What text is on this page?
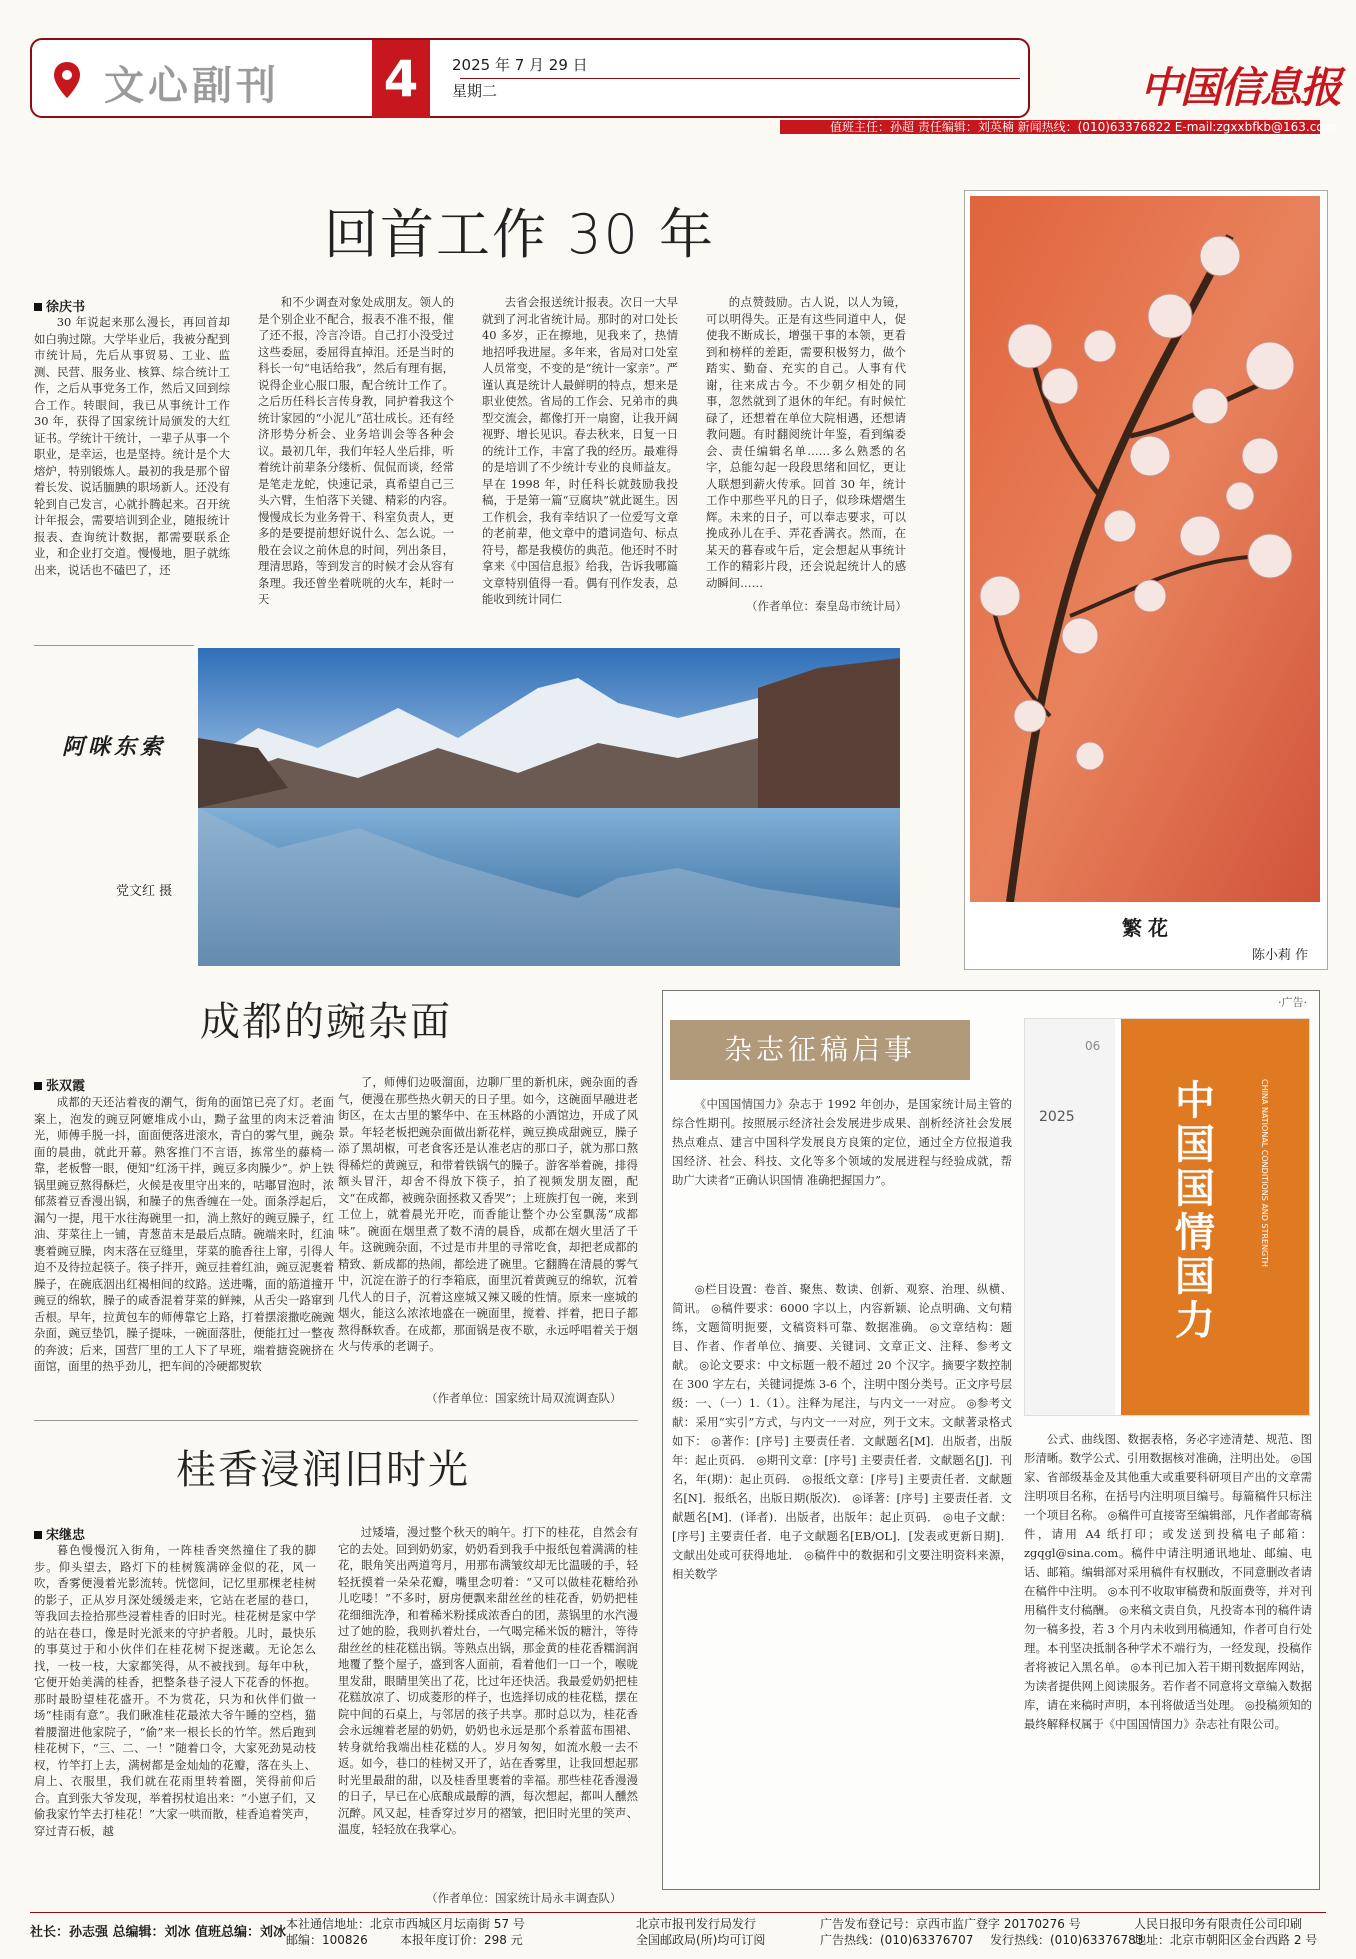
文心副刊 4	2025 年 7 月 29 日
星期二	中国信息报
值班主任：孙超 责任编辑：刘英楠 新闻热线：(010)63376822 E-mail:zgxxbfkb@163.com
回首工作 30 年
徐庆书

30 年说起来那么漫长，再回首却如白驹过隙。大学毕业后，我被分配到市统计局，先后从事贸易、工业、监测、民营、服务业、核算、综合统计工作，之后从事党务工作，然后又回到综合工作。转眼间，我已从事统计工作 30 年，获得了国家统计局颁发的大红证书。学统计干统计，一辈子从事一个职业，是幸运，也是坚持。统计是个大熔炉，特别锻炼人。最初的我是那个留着长发、说话腼腆的职场新人。还没有轮到自己发言，心就扑腾起来。召开统计年报会，需要培训到企业，随报统计报表、查询统计数据，都需要联系企业，和企业打交道。慢慢地，胆子就练出来，说话也不磕巴了，还

和不少调查对象处成朋友。领人的是个别企业不配合，报表不准不报，催了还不报，冷言冷语。自己打小没受过这些委屈，委屈得直掉泪。还是当时的科长一句“电话给我”，然后有理有据，说得企业心服口服，配合统计工作了。之后历任科长言传身教，同护着我这个统计家园的“小泥儿”茁壮成长。还有经济形势分析会、业务培训会等各种会议。最初几年，我们年轻人坐后排，听着统计前辈条分缕析、侃侃而谈，经常是笔走龙蛇，快速记录，真希望自己三头六臂，生怕落下关键、精彩的内容。慢慢成长为业务骨干、科室负责人，更多的是要提前想好说什么、怎么说。一般在会议之前休息的时间，列出条目，理清思路，等到发言的时候才会从容有条理。我还曾坐着咣咣的火车，耗时一天

去省会报送统计报表。次日一大早就到了河北省统计局。那时的对口处长 40 多岁，正在擦地，见我来了，热情地招呼我进屋。多年来，省局对口处室人员常变，不变的是“统计一家亲”。严谨认真是统计人最鲜明的特点，想来是职业使然。省局的工作会、兄弟市的典型交流会，都像打开一扇窗，让我开阔视野、增长见识。春去秋来，日复一日的统计工作，丰富了我的经历。最难得的是培训了不少统计专业的良师益友。早在 1998 年，时任科长就鼓励我投稿，于是第一篇“豆腐块”就此诞生。因工作机会，我有幸结识了一位爱写文章的老前辈，他文章中的遣词造句、标点符号，都是我模仿的典范。他还时不时拿来《中国信息报》给我，告诉我哪篇文章特别值得一看。偶有刊作发表，总能收到统计同仁

的点赞鼓励。古人说，以人为镜，可以明得失。正是有这些同道中人，促使我不断成长，增强干事的本领，更看到和榜样的差距，需要积极努力，做个踏实、勤奋、充实的自己。人事有代谢，往来成古今。不少朝夕相处的同事，忽然就到了退休的年纪。有时候忙碌了，还想着在单位大院相遇，还想请教问题。有时翻阅统计年鉴，看到编委会、责任编辑名单……多么熟悉的名字，总能勾起一段段思绪和回忆，更让人联想到薪火传承。回首 30 年，统计工作中那些平凡的日子，似珍珠熠熠生辉。未来的日子，可以奉志要求，可以挽成孙儿在手、弄花香满衣。然而，在某天的暮春或午后，定会想起从事统计工作的精彩片段，还会说起统计人的感动瞬间……

（作者单位：秦皇岛市统计局）
阿咪东索
党文红 摄
繁花
陈小莉 作
成都的豌杂面
张双霞

成都的天还沾着夜的潮气，街角的面馆已亮了灯。老面案上，泡发的豌豆阿嬷堆成小山，黝子盆里的肉末泛着油光，师傅手脱一抖，面面便落进滚水，青白的雾气里，豌杂面的晨曲，就此开幕。熟客推门不言语，拣常坐的藤椅一靠，老板瞥一眼，便知“红汤干拌，豌豆多肉臊少”。炉上铁锅里豌豆熬得酥烂，火候是夜里守出来的，咕嘟冒泡时，浓郁蒸着豆香漫出锅，和臊子的焦香缠在一处。面条浮起后，漏勺一提，甩干水往海碗里一扣，淌上熬好的豌豆臊子，红油、芽菜往上一铺，青葱苗末是最后点睛。碗端来时，红油裹着豌豆臊，肉末落在豆缝里，芽菜的脆香往上窜，引得人迫不及待拉起筷子。筷子拌开，豌豆挂着红油，豌豆泥裹着臊子，在碗底洇出红褐相间的纹路。送进嘴，面的筋道撞开豌豆的绵软，臊子的咸香混着芽菜的鲜辣，从舌尖一路窜到舌根。早年，拉黄包车的师傅靠它上路，打着摆滚撒吃碗豌杂面，豌豆垫饥，臊子提味，一碗面落肚，便能扛过一整夜的奔波；后来，国营厂里的工人下了早班，端着搪瓷碗挤在面馆，面里的热乎劲儿，把车间的冷硬都熨软

了，师傅们边吸溜面，边聊厂里的新机床，豌杂面的香气，便漫在那些热火朝天的日子里。如今，这碗面早融进老街区，在太古里的繁华中、在玉林路的小酒馆边，开成了风景。年轻老板把豌杂面做出新花样，豌豆换成甜豌豆，臊子添了黑胡椒，可老食客还是认准老店的那口子，就为那口熬得稀烂的黄豌豆，和带着铁锅气的臊子。游客举着碗，排得额头冒汗，却舍不得放下筷子，拍了视频发朋友圈，配文“在成都，被豌杂面拯救又香哭”；上班族打包一碗，来到工位上，就着晨光开吃，而香能让整个办公室飘荡“成都味”。碗面在烟里煮了数不清的晨昏，成都在烟火里活了千年。这碗豌杂面，不过是市井里的寻常吃食，却把老成都的精致、新成都的热闹，都绘进了碗里。它翻腾在清晨的雾气中，沉淀在游子的行李箱底，面里沉着黄豌豆的绵软，沉着几代人的日子，沉着这座城又辣又暖的性情。原来一座城的烟火，能这么浓浓地盛在一碗面里，搅着、拌着，把日子都熬得酥软香。在成都，那面锅是夜不歇，永远呼唱着关于烟火与传承的老调子。

（作者单位：国家统计局双流调查队）
桂香浸润旧时光
宋继忠

暮色慢慢沉入街角，一阵桂香突然撞住了我的脚步。仰头望去，路灯下的桂树簇满碎金似的花，风一吹，香雾便漫着光影流转。恍惚间，记忆里那棵老桂树的影子，正从岁月深处缓缓走来，它站在老屋的巷口，等我回去捡拾那些浸着桂香的旧时光。桂花树是家中学的站在巷口，像是时光派来的守护者般。儿时，最快乐的事莫过于和小伙伴们在桂花树下捉迷藏。无论怎么找，一枝一枝，大家都笑得，从不被找到。每年中秋，它便开始美满的桂香，把整条巷子浸人下花香的怀抱。那时最盼望桂花盛开。不为赏花，只为和伙伴们做一场“桂雨有意”。我们瞅准桂花最浓大爷午睡的空档，猫着腰溜进他家院子，“偷”来一根长长的竹竿。然后跑到桂花树下，“三、二、一！”随着口令，大家死劲晃动枝杈，竹竿打上去，满树都是金灿灿的花瓣，落在头上、肩上、衣服里，我们就在花雨里转着圈，笑得前仰后合。直到张大爷发现，举着拐杖追出来：“小崽子们，又偷我家竹竿去打桂花！”大家一哄而散，桂香追着笑声，穿过青石板，越

过矮墙，漫过整个秋天的晌午。打下的桂花，自然会有它的去处。回到奶奶家，奶奶看到我手中报纸包着满满的桂花，眼角笑出两道弯月，用那布满皱纹却无比温暖的手，轻轻抚摸着一朵朵花瓣，嘴里念叨着：“又可以做桂花糖给孙儿吃喽！”不多时，厨房便飘来甜丝丝的桂花香，奶奶把桂花细细洗净，和着稀米粉揉成浓香白的团，蒸锅里的水汽漫过了她的脸，我则扒着灶台，一气喝完稀米饭的糖汁，等待甜丝丝的桂花糕出锅。等熟点出锅，那金黄的桂花香糯润润地覆了整个屋子，盛到客人面前，看着他们一口一个，喉咙里发甜，眼睛里笑出了花，比过年还快活。我最爱奶奶把桂花糕放凉了、切成菱形的样子，也选择切成的桂花糕，摆在院中间的石桌上，与邻居的孩子共享。那时总以为，桂花香会永远缠着老屋的奶奶，奶奶也永远是那个系着蓝布围裙、转身就给我端出桂花糕的人。岁月匆匆，如流水般一去不返。如今，巷口的桂树又开了，站在香雾里，让我回想起那时光里最甜的甜，以及桂香里裹着的幸福。那些桂花香漫漫的日子，早已在心底酿成最醇的酒，每次想起，都叫人醺然沉醉。风又起，桂香穿过岁月的褶皱，把旧时光里的笑声、温度，轻轻放在我掌心。

（作者单位：国家统计局永丰调查队）
·广告·
杂志征稿启事	06
2025	中国国情国力
CHINA NATIONAL CONDITIONS AND STRENGTH

《中国国情国力》杂志于 1992 年创办，是国家统计局主管的综合性期刊。按照展示经济社会发展进步成果、剖析经济社会发展热点难点、建言中国科学发展良方良策的定位，通过全方位报道我国经济、社会、科技、文化等多个领域的发展进程与经验成就，帮助广大读者“正确认识国情 准确把握国力”。

◎栏目设置：卷首、聚焦、数读、创新、观察、治理、纵横、简讯。 ◎稿件要求：6000 字以上，内容新颖、论点明确、文句精练，文题简明扼要，文稿资料可靠、数据准确。 ◎文章结构：题目、作者、作者单位、摘要、关键词、文章正文、注释、参考文献。 ◎论文要求：中文标题一般不超过 20 个汉字。摘要字数控制在 300 字左右，关键词提炼 3-6 个，注明中图分类号。正文序号层级：一、（一）1.（1）。注释为尾注，与内文一一对应。 ◎参考文献：采用“实引”方式，与内文一一对应，列于文末。文献著录格式如下： ◎著作：[序号] 主要责任者．文献题名[M]．出版者，出版年：起止页码． ◎期刊文章：[序号] 主要责任者．文献题名[J]．刊名，年(期)：起止页码． ◎报纸文章：[序号] 主要责任者．文献题名[N]．报纸名，出版日期(版次)． ◎译著：[序号] 主要责任者．文献题名[M]．(译者)．出版者，出版年：起止页码． ◎电子文献：[序号] 主要责任者．电子文献题名[EB/OL]．[发表或更新日期]．文献出处或可获得地址． ◎稿件中的数据和引文要注明资料来源，相关数学

公式、曲线图、数据表格，务必字迹清楚、规范、图形清晰。数学公式、引用数据核对准确，注明出处。 ◎国家、省部级基金及其他重大或重要科研项目产出的文章需注明项目名称，在括号内注明项目编号。每篇稿件只标注一个项目名称。 ◎稿件可直接寄至编辑部，凡作者邮寄稿件，请用 A4 纸打印；或发送到投稿电子邮箱：zgqgl@sina.com。稿件中请注明通讯地址、邮编、电话、邮箱。编辑部对采用稿件有权删改，不同意删改者请在稿件中注明。 ◎本刊不收取审稿费和版面费等，并对刊用稿件支付稿酬。 ◎来稿文责自负，凡投寄本刊的稿件请勿一稿多投，若 3 个月内未收到用稿通知，作者可自行处理。本刊坚决抵制各种学术不端行为，一经发现，投稿作者将被记入黑名单。 ◎本刊已加入若干期刊数据库网站，为读者提供网上阅读服务。若作者不同意将文章编入数据库，请在来稿时声明，本刊将做适当处理。 ◎投稿须知的最终解释权属于《中国国情国力》杂志社有限公司。

社长：孙志强 总编辑：刘冰 值班总编：刘冰
本社通信地址：北京市西城区月坛南街 57 号
邮编：100826	本报年度订价：298 元
北京市报刊发行局发行
全国邮政局(所)均可订阅
广告发布登记号：京西市监广登字 20170276 号
广告热线：(010)63376707 发行热线：(010)63376783
人民日报印务有限责任公司印刷
地址：北京市朝阳区金台西路 2 号
